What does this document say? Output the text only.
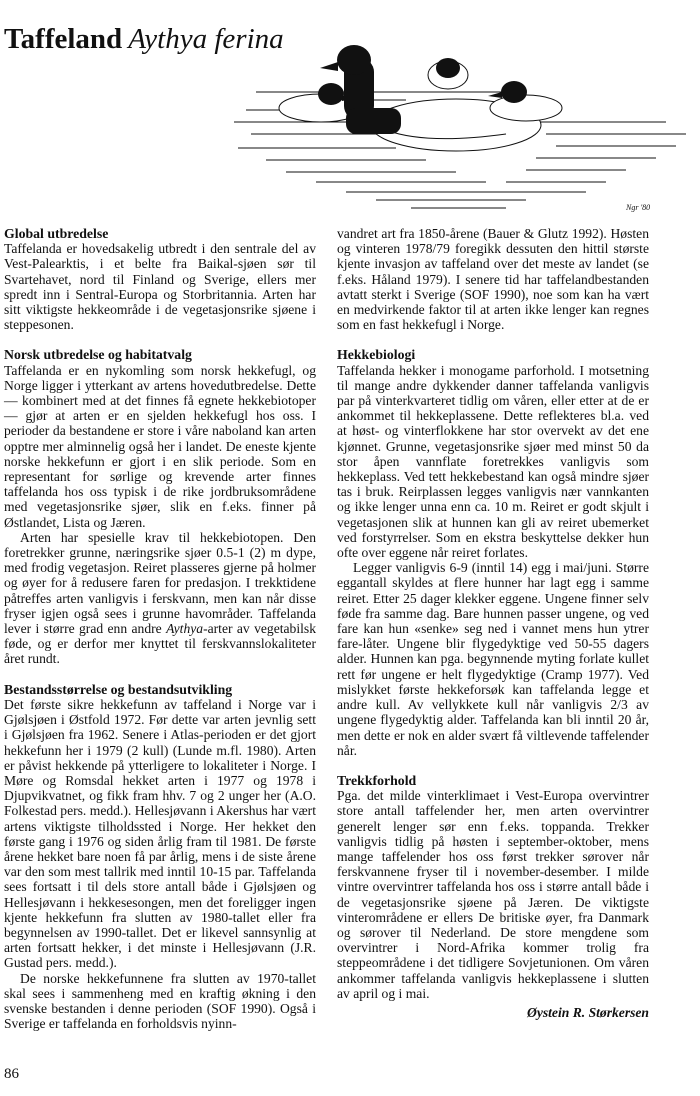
Taffeland Aythya ferina
Ngr '80
Global utbredelse

Taffelanda er hovedsakelig utbredt i den sentrale del av Vest-Palearktis, i et belte fra Baikal-sjøen sør til Svartehavet, nord til Finland og Sverige, ellers mer spredt inn i Sentral-Europa og Storbritannia. Arten har sitt viktigste hekkeområde i de vegetasjonsrike sjøene i steppesonen.

Norsk utbredelse og habitatvalg

Taffelanda er en nykomling som norsk hekkefugl, og Norge ligger i ytterkant av artens hovedutbredelse. Dette — kombinert med at det finnes få egnete hekkebiotoper — gjør at arten er en sjelden hekkefugl hos oss. I perioder da bestandene er store i våre naboland kan arten opptre mer alminnelig også her i landet. De eneste kjente norske hekkefunn er gjort i en slik periode. Som en representant for sørlige og krevende arter finnes taffelanda hos oss typisk i de rike jordbruksområdene med vegetasjonsrike sjøer, slik en f.eks. finner på Østlandet, Lista og Jæren.

Arten har spesielle krav til hekkebiotopen. Den foretrekker grunne, næringsrike sjøer 0.5-1 (2) m dype, med frodig vegetasjon. Reiret plasseres gjerne på holmer og øyer for å redusere faren for predasjon. I trekktidene påtreffes arten vanligvis i ferskvann, men kan når disse fryser igjen også sees i grunne havområder. Taffelanda lever i større grad enn andre Aythya-arter av vegetabilsk føde, og er derfor mer knyttet til ferskvannslokaliteter året rundt.

Bestandsstørrelse og bestandsutvikling

Det første sikre hekkefunn av taffeland i Norge var i Gjølsjøen i Østfold 1972. Før dette var arten jevnlig sett i Gjølsjøen fra 1962. Senere i Atlas-perioden er det gjort hekkefunn her i 1979 (2 kull) (Lunde m.fl. 1980). Arten er påvist hekkende på ytterligere to lokaliteter i Norge. I Møre og Romsdal hekket arten i 1977 og 1978 i Djupvikvatnet, og fikk fram hhv. 7 og 2 unger her (A.O. Folkestad pers. medd.). Hellesjøvann i Akershus har vært artens viktigste tilholdssted i Norge. Her hekket den første gang i 1976 og siden årlig fram til 1981. De første årene hekket bare noen få par årlig, mens i de siste årene var den som mest tallrik med inntil 10-15 par. Taffelanda sees fortsatt i til dels store antall både i Gjølsjøen og Hellesjøvann i hekkesesongen, men det foreligger ingen kjente hekkefunn fra slutten av 1980-tallet eller fra begynnelsen av 1990-tallet. Det er likevel sannsynlig at arten fortsatt hekker, i det minste i Hellesjøvann (J.R. Gustad pers. medd.).

De norske hekkefunnene fra slutten av 1970-tallet skal sees i sammenheng med en kraftig økning i den svenske bestanden i denne perioden (SOF 1990). Også i Sverige er taffelanda en forholdsvis nyinn-

vandret art fra 1850-årene (Bauer & Glutz 1992). Høsten og vinteren 1978/79 foregikk dessuten den hittil største kjente invasjon av taffeland over det meste av landet (se f.eks. Håland 1979). I senere tid har taffelandbestanden avtatt sterkt i Sverige (SOF 1990), noe som kan ha vært en medvirkende faktor til at arten ikke lenger kan regnes som en fast hekkefugl i Norge.

Hekkebiologi

Taffelanda hekker i monogame parforhold. I motsetning til mange andre dykkender danner taffelanda vanligvis par på vinterkvarteret tidlig om våren, eller etter at de er ankommet til hekkeplassene. Dette reflekteres bl.a. ved at høst- og vinterflokkene har stor overvekt av det ene kjønnet. Grunne, vegetasjonsrike sjøer med minst 50 da stor åpen vannflate foretrekkes vanligvis som hekkeplass. Ved tett hekkebestand kan også mindre sjøer tas i bruk. Reirplassen legges vanligvis nær vannkanten og ikke lenger unna enn ca. 10 m. Reiret er godt skjult i vegetasjonen slik at hunnen kan gli av reiret ubemerket ved forstyrrelser. Som en ekstra beskyttelse dekker hun ofte over eggene når reiret forlates.

Legger vanligvis 6-9 (inntil 14) egg i mai/juni. Større eggantall skyldes at flere hunner har lagt egg i samme reiret. Etter 25 dager klekker eggene. Ungene finner selv føde fra samme dag. Bare hunnen passer ungene, og ved fare kan hun «senke» seg ned i vannet mens hun ytrer fare-låter. Ungene blir flygedyktige ved 50-55 dagers alder. Hunnen kan pga. begynnende myting forlate kullet rett før ungene er helt flygedyktige (Cramp 1977). Ved mislykket første hekkeforsøk kan taffelanda legge et andre kull. Av vellykkete kull når vanligvis 2/3 av ungene flygedyktig alder. Taffelanda kan bli inntil 20 år, men dette er nok en alder svært få viltlevende taffelender når.

Trekkforhold

Pga. det milde vinterklimaet i Vest-Europa overvintrer store antall taffelender her, men arten overvintrer generelt lenger sør enn f.eks. toppanda. Trekker vanligvis tidlig på høsten i september-oktober, mens mange taffelender hos oss først trekker sørover når ferskvannene fryser til i november-desember. I milde vintre overvintrer taffelanda hos oss i større antall både i de vegetasjonsrike sjøene på Jæren. De viktigste vinterområdene er ellers De britiske øyer, fra Danmark og sørover til Nederland. De store mengdene som overvintrer i Nord-Afrika kommer trolig fra steppeområdene i det tidligere Sovjetunionen. Om våren ankommer taffelanda vanligvis hekkeplassene i slutten av april og i mai.

Øystein R. Størkersen

86
